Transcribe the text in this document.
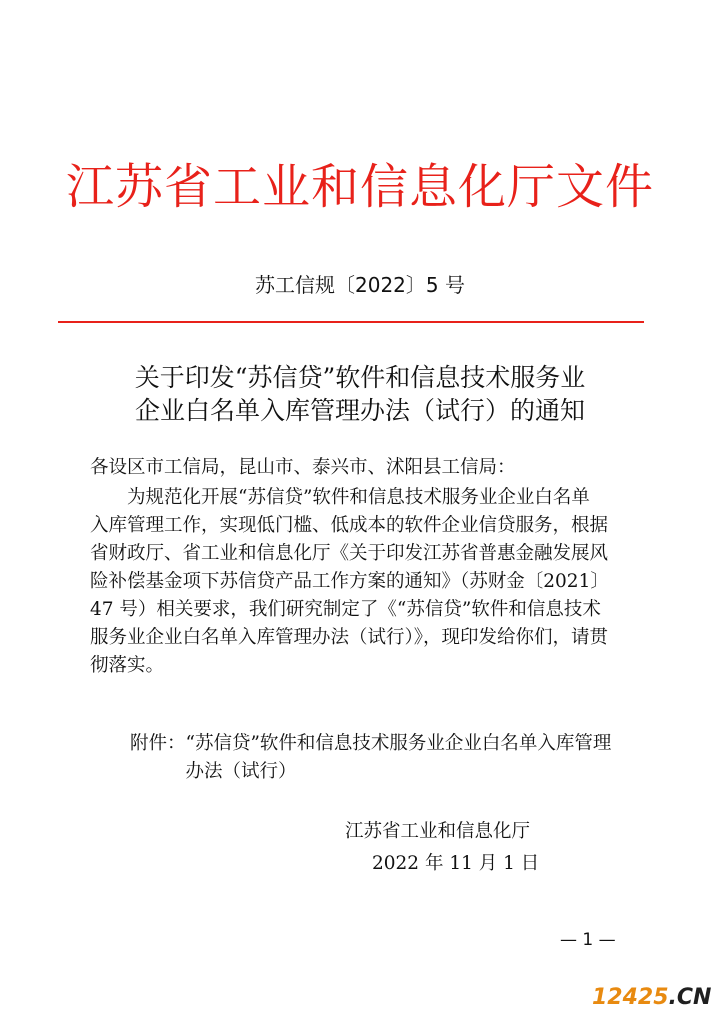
江苏省工业和信息化厅文件
苏工信规〔2022〕5 号
关于印发“苏信贷”软件和信息技术服务业
企业白名单入库管理办法（试行）的通知
各设区市工信局，昆山市、泰兴市、沭阳县工信局：
　　为规范化开展“苏信贷”软件和信息技术服务业企业白名单
入库管理工作，实现低门槛、低成本的软件企业信贷服务，根据
省财政厅、省工业和信息化厅《关于印发江苏省普惠金融发展风
险补偿基金项下苏信贷产品工作方案的通知》（苏财金〔2021〕
47 号）相关要求，我们研究制定了《“苏信贷”软件和信息技术
服务业企业白名单入库管理办法（试行）》，现印发给你们，请贯
彻落实。
附件：“苏信贷”软件和信息技术服务业企业白名单入库管理
　　　办法（试行）
江苏省工业和信息化厅
2022 年 11 月 1 日
— 1 —
12425.CN
